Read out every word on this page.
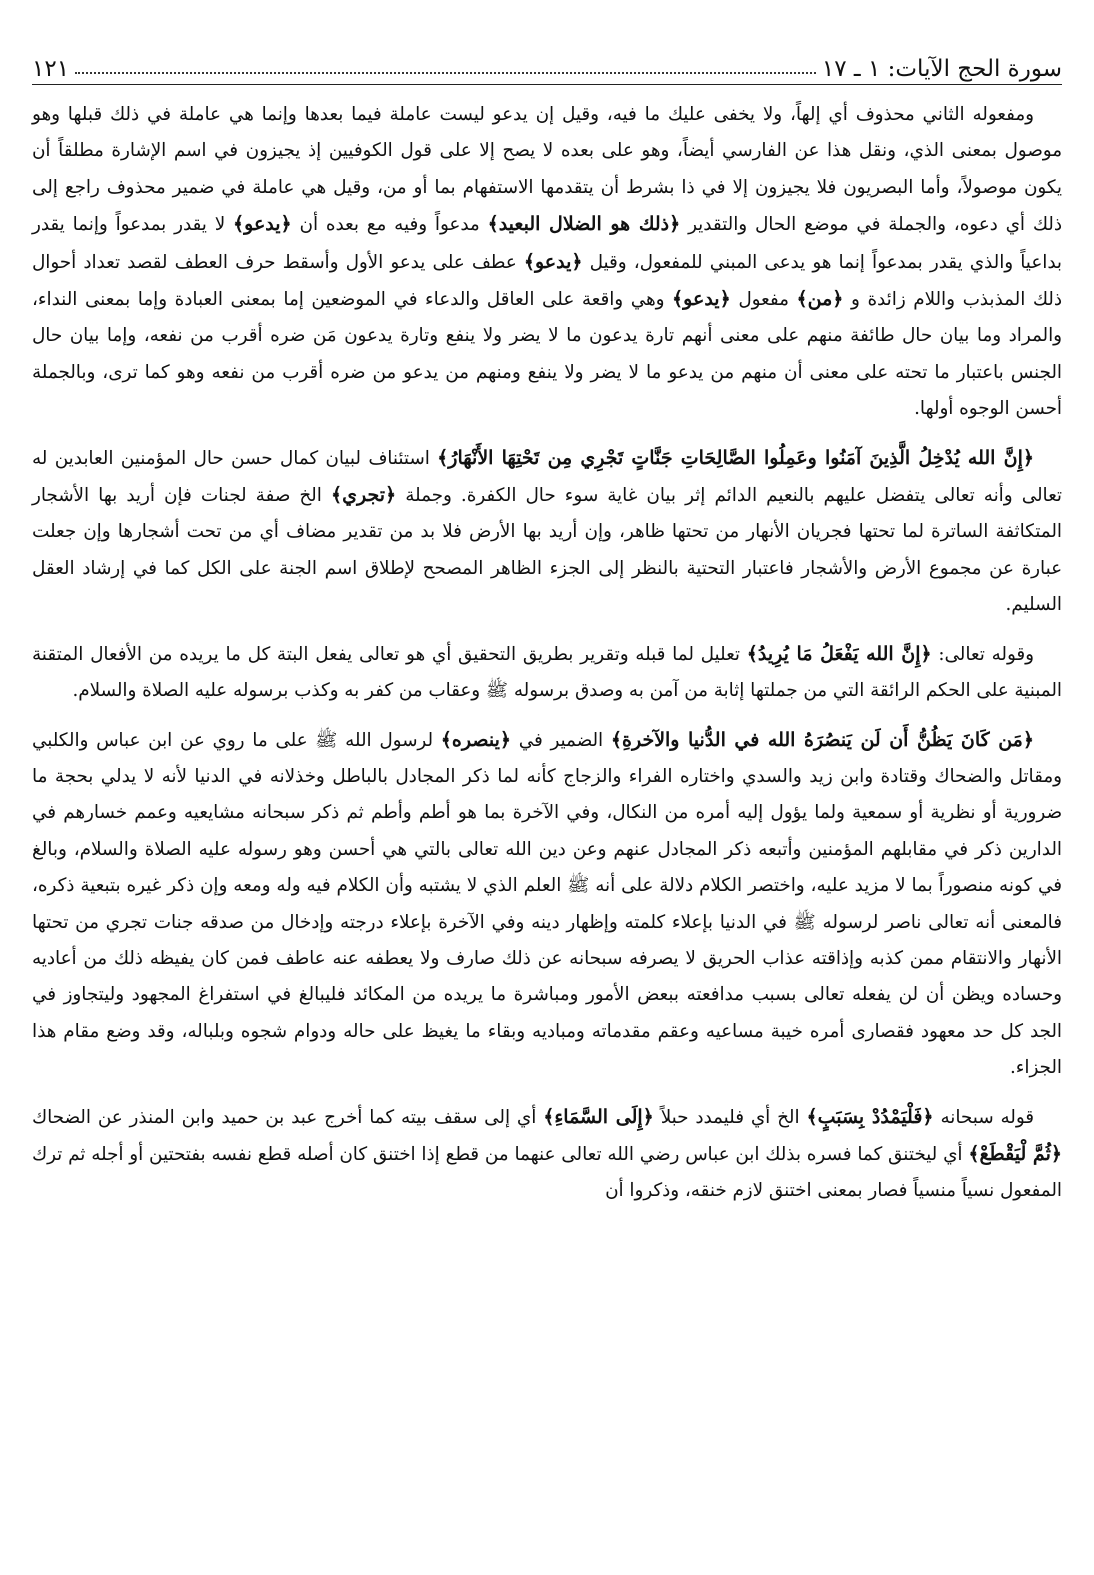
سورة الحج الآيات: ١ ـ ١٧
١٢١

ومفعوله الثاني محذوف أي إلهاً، ولا يخفى عليك ما فيه، وقيل إن يدعو ليست عاملة فيما بعدها وإنما هي عاملة في ذلك قبلها وهو موصول بمعنى الذي، ونقل هذا عن الفارسي أيضاً، وهو على بعده لا يصح إلا على قول الكوفيين إذ يجيزون في اسم الإشارة مطلقاً أن يكون موصولاً، وأما البصريون فلا يجيزون إلا في ذا بشرط أن يتقدمها الاستفهام بما أو من، وقيل هي عاملة في ضمير محذوف راجع إلى ذلك أي دعوه، والجملة في موضع الحال والتقدير ﴿ذلك هو الضلال البعيد﴾ مدعواً وفيه مع بعده أن ﴿يدعو﴾ لا يقدر بمدعواً وإنما يقدر بداعياً والذي يقدر بمدعواً إنما هو يدعى المبني للمفعول، وقيل ﴿يدعو﴾ عطف على يدعو الأول وأسقط حرف العطف لقصد تعداد أحوال ذلك المذبذب واللام زائدة و ﴿من﴾ مفعول ﴿يدعو﴾ وهي واقعة على العاقل والدعاء في الموضعين إما بمعنى العبادة وإما بمعنى النداء، والمراد وما بيان حال طائفة منهم على معنى أنهم تارة يدعون ما لا يضر ولا ينفع وتارة يدعون مَن ضره أقرب من نفعه، وإما بيان حال الجنس باعتبار ما تحته على معنى أن منهم من يدعو ما لا يضر ولا ينفع ومنهم من يدعو من ضره أقرب من نفعه وهو كما ترى، وبالجملة أحسن الوجوه أولها.

﴿إِنَّ الله يُدْخِلُ الَّذِينَ آمَنُوا وعَمِلُوا الصَّالِحَاتِ جَنَّاتٍ تَجْرِي مِن تَحْتِهَا الأَنْهَارُ﴾ استئناف لبيان كمال حسن حال المؤمنين العابدين له تعالى وأنه تعالى يتفضل عليهم بالنعيم الدائم إثر بيان غاية سوء حال الكفرة. وجملة ﴿تجري﴾ الخ صفة لجنات فإن أريد بها الأشجار المتكاثفة الساترة لما تحتها فجريان الأنهار من تحتها ظاهر، وإن أريد بها الأرض فلا بد من تقدير مضاف أي من تحت أشجارها وإن جعلت عبارة عن مجموع الأرض والأشجار فاعتبار التحتية بالنظر إلى الجزء الظاهر المصحح لإطلاق اسم الجنة على الكل كما في إرشاد العقل السليم.

وقوله تعالى: ﴿إِنَّ الله يَفْعَلُ مَا يُرِيدُ﴾ تعليل لما قبله وتقرير بطريق التحقيق أي هو تعالى يفعل البتة كل ما يريده من الأفعال المتقنة المبنية على الحكم الرائقة التي من جملتها إثابة من آمن به وصدق برسوله ﷺ وعقاب من كفر به وكذب برسوله عليه الصلاة والسلام.

﴿مَن كَانَ يَظُنُّ أَن لَن يَنصُرَهُ الله في الدُّنيا والآخرةِ﴾ الضمير في ﴿ينصره﴾ لرسول الله ﷺ على ما روي عن ابن عباس والكلبي ومقاتل والضحاك وقتادة وابن زيد والسدي واختاره الفراء والزجاج كأنه لما ذكر المجادل بالباطل وخذلانه في الدنيا لأنه لا يدلي بحجة ما ضرورية أو نظرية أو سمعية ولما يؤول إليه أمره من النكال، وفي الآخرة بما هو أطم وأطم ثم ذكر سبحانه مشايعيه وعمم خسارهم في الدارين ذكر في مقابلهم المؤمنين وأتبعه ذكر المجادل عنهم وعن دين الله تعالى بالتي هي أحسن وهو رسوله عليه الصلاة والسلام، وبالغ في كونه منصوراً بما لا مزيد عليه، واختصر الكلام دلالة على أنه ﷺ العلم الذي لا يشتبه وأن الكلام فيه وله ومعه وإن ذكر غيره بتبعية ذكره، فالمعنى أنه تعالى ناصر لرسوله ﷺ في الدنيا بإعلاء كلمته وإظهار دينه وفي الآخرة بإعلاء درجته وإدخال من صدقه جنات تجري من تحتها الأنهار والانتقام ممن كذبه وإذاقته عذاب الحريق لا يصرفه سبحانه عن ذلك صارف ولا يعطفه عنه عاطف فمن كان يفيظه ذلك من أعاديه وحساده ويظن أن لن يفعله تعالى بسبب مدافعته ببعض الأمور ومباشرة ما يريده من المكائد فليبالغ في استفراغ المجهود وليتجاوز في الجد كل حد معهود فقصارى أمره خيبة مساعيه وعقم مقدماته ومباديه وبقاء ما يغيظ على حاله ودوام شجوه وبلباله، وقد وضع مقام هذا الجزاء.

قوله سبحانه ﴿فَلْيَمْدُدْ بِسَبَبٍ﴾ الخ أي فليمدد حبلاً ﴿إِلَى السَّمَاءِ﴾ أي إلى سقف بيته كما أخرج عبد بن حميد وابن المنذر عن الضحاك ﴿ثُمَّ لْيَقْطَعْ﴾ أي ليختنق كما فسره بذلك ابن عباس رضي الله تعالى عنهما من قطع إذا اختنق كان أصله قطع نفسه بفتحتين أو أجله ثم ترك المفعول نسياً منسياً فصار بمعنى اختنق لازم خنقه، وذكروا أن
